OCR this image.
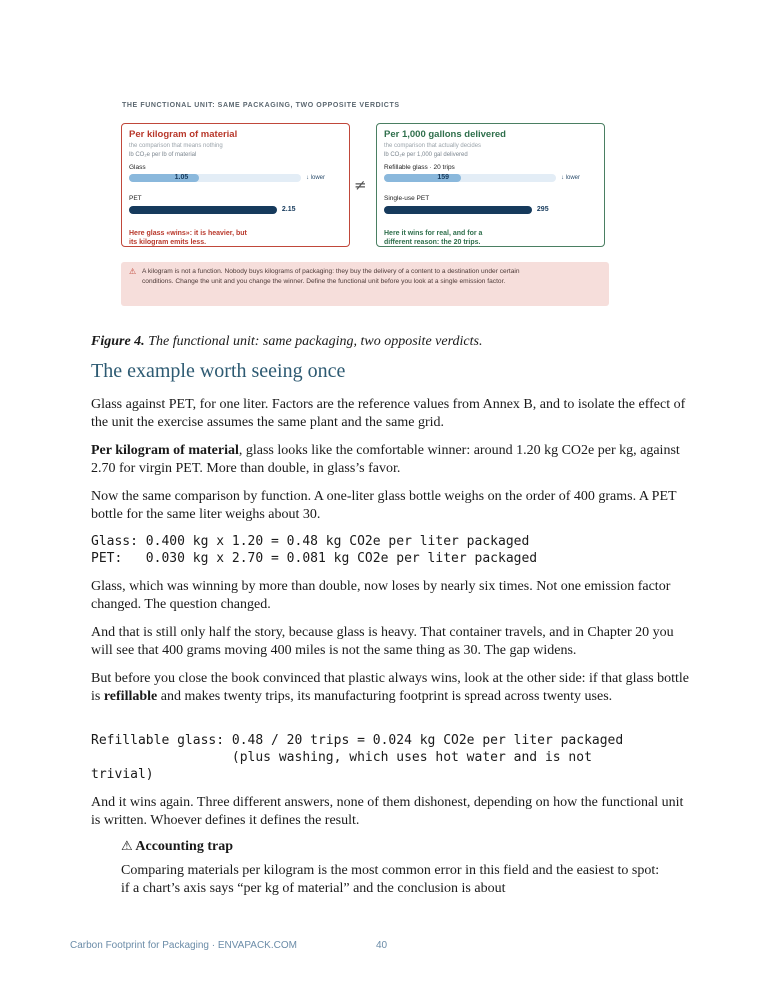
THE FUNCTIONAL UNIT: SAME PACKAGING, TWO OPPOSITE VERDICTS
Per kilogram of material
the comparison that means nothing
lb CO₂e per lb of material
Glass
1.05	↓ lower
PET
2.15
Here glass «wins»: it is heavier, but
its kilogram emits less.
≠
Per 1,000 gallons delivered
the comparison that actually decides
lb CO₂e per 1,000 gal delivered
Refillable glass · 20 trips
159	↓ lower
Single-use PET
295
Here it wins for real, and for a
different reason: the 20 trips.
⚠ A kilogram is not a function. Nobody buys kilograms of packaging: they buy the delivery of a content to a destination under certain conditions. Change the unit and you change the winner. Define the functional unit before you look at a single emission factor.
Figure 4. The functional unit: same packaging, two opposite verdicts.
The example worth seeing once

Glass against PET, for one liter. Factors are the reference values from Annex B, and to isolate the effect of the unit the exercise assumes the same plant and the same grid.

Per kilogram of material, glass looks like the comfortable winner: around 1.20 kg CO2e per kg, against 2.70 for virgin PET. More than double, in glass’s favor.

Now the same comparison by function. A one-liter glass bottle weighs on the order of 400 grams. A PET bottle for the same liter weighs about 30.

Glass: 0.400 kg x 1.20 = 0.48 kg CO2e per liter packaged
PET:   0.030 kg x 2.70 = 0.081 kg CO2e per liter packaged

Glass, which was winning by more than double, now loses by nearly six times. Not one emission factor changed. The question changed.

And that is still only half the story, because glass is heavy. That container travels, and in Chapter 20 you will see that 400 grams moving 400 miles is not the same thing as 30. The gap widens.

But before you close the book convinced that plastic always wins, look at the other side: if that glass bottle is refillable and makes twenty trips, its manufacturing footprint is spread across twenty uses.

Refillable glass: 0.48 / 20 trips = 0.024 kg CO2e per liter packaged
(plus washing, which uses hot water and is not
trivial)

And it wins again. Three different answers, none of them dishonest, depending on how the functional unit is written. Whoever defines it defines the result.

⚠ Accounting trap

Comparing materials per kilogram is the most common error in this field and the easiest to spot: if a chart’s axis says “per kg of material” and the conclusion is about

Carbon Footprint for Packaging · ENVAPACK.COM	40
